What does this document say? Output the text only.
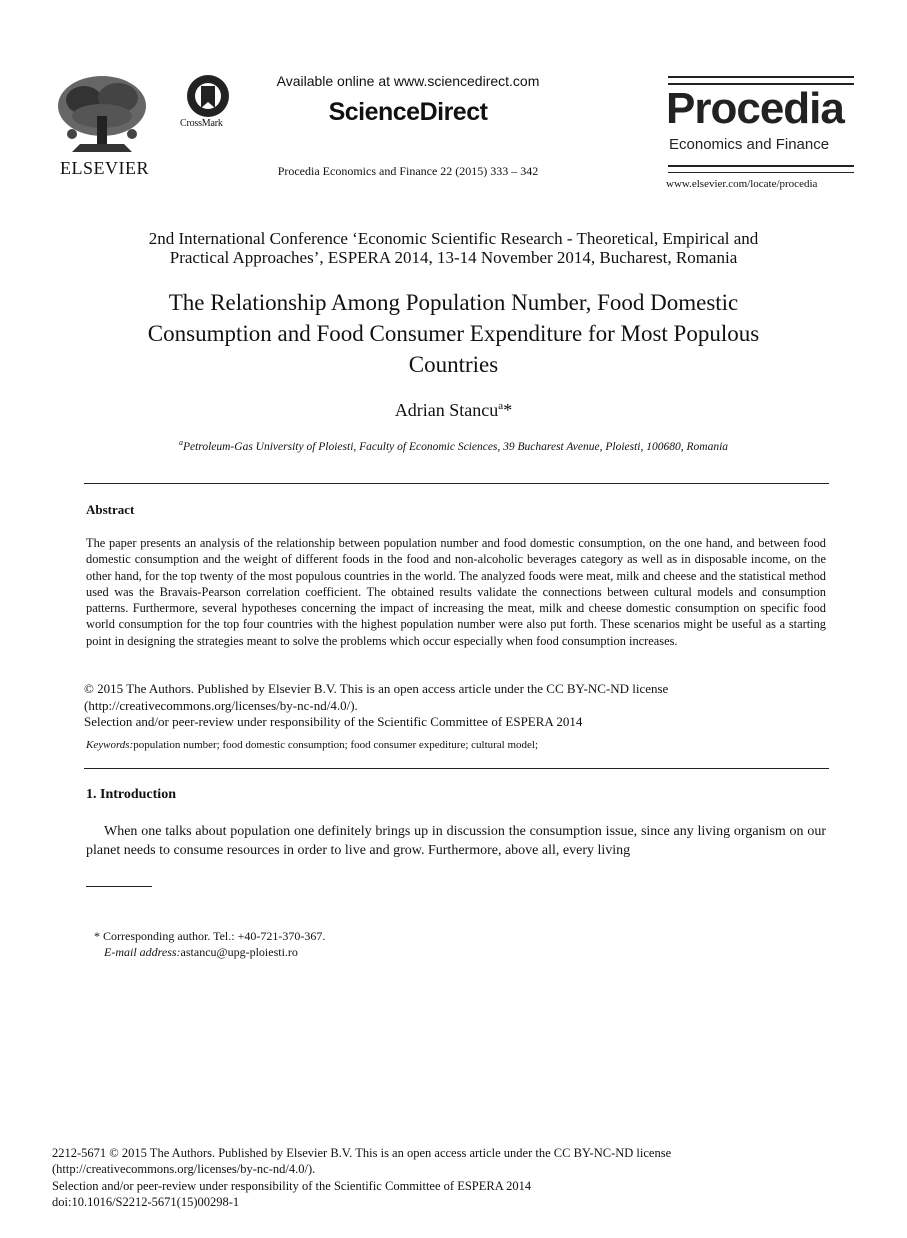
ELSEVIER
CrossMark
Available online at www.sciencedirect.com
ScienceDirect
Procedia Economics and Finance 22 (2015) 333 – 342
Procedia
Economics and Finance
www.elsevier.com/locate/procedia
2nd International Conference ‘Economic Scientific Research - Theoretical, Empirical and
Practical Approaches’, ESPERA 2014, 13-14 November 2014, Bucharest, Romania
The Relationship Among Population Number, Food Domestic
Consumption and Food Consumer Expenditure for Most Populous
Countries
Adrian Stancu$^a$*
$^a$Petroleum-Gas University of Ploiesti, Faculty of Economic Sciences, 39 Bucharest Avenue, Ploiesti, 100680, Romania
Abstract
The paper presents an analysis of the relationship between population number and food domestic consumption, on the one hand, and between food domestic consumption and the weight of different foods in the food and non-alcoholic beverages category as well as in disposable income, on the other hand, for the top twenty of the most populous countries in the world. The analyzed foods were meat, milk and cheese and the statistical method used was the Bravais-Pearson correlation coefficient. The obtained results validate the connections between cultural models and consumption patterns. Furthermore, several hypotheses concerning the impact of increasing the meat, milk and cheese domestic consumption on specific food world consumption for the top four countries with the highest population number were also put forth. These scenarios might be useful as a starting point in designing the strategies meant to solve the problems which occur especially when food consumption increases.
© 2015 The Authors. Published by Elsevier B.V. This is an open access article under the CC BY-NC-ND license
(http://creativecommons.org/licenses/by-nc-nd/4.0/).
Selection and/or peer-review under responsibility of the Scientific Committee of ESPERA 2014
Keywords:population number; food domestic consumption; food consumer expediture; cultural model;
1. Introduction
When one talks about population one definitely brings up in discussion the consumption issue, since any living organism on our planet needs to consume resources in order to live and grow. Furthermore, above all, every living
* Corresponding author. Tel.: +40-721-370-367.
E-mail address:astancu@upg-ploiesti.ro
2212-5671 © 2015 The Authors. Published by Elsevier B.V. This is an open access article under the CC BY-NC-ND license
(http://creativecommons.org/licenses/by-nc-nd/4.0/).
Selection and/or peer-review under responsibility of the Scientific Committee of ESPERA 2014
doi:10.1016/S2212-5671(15)00298-1
